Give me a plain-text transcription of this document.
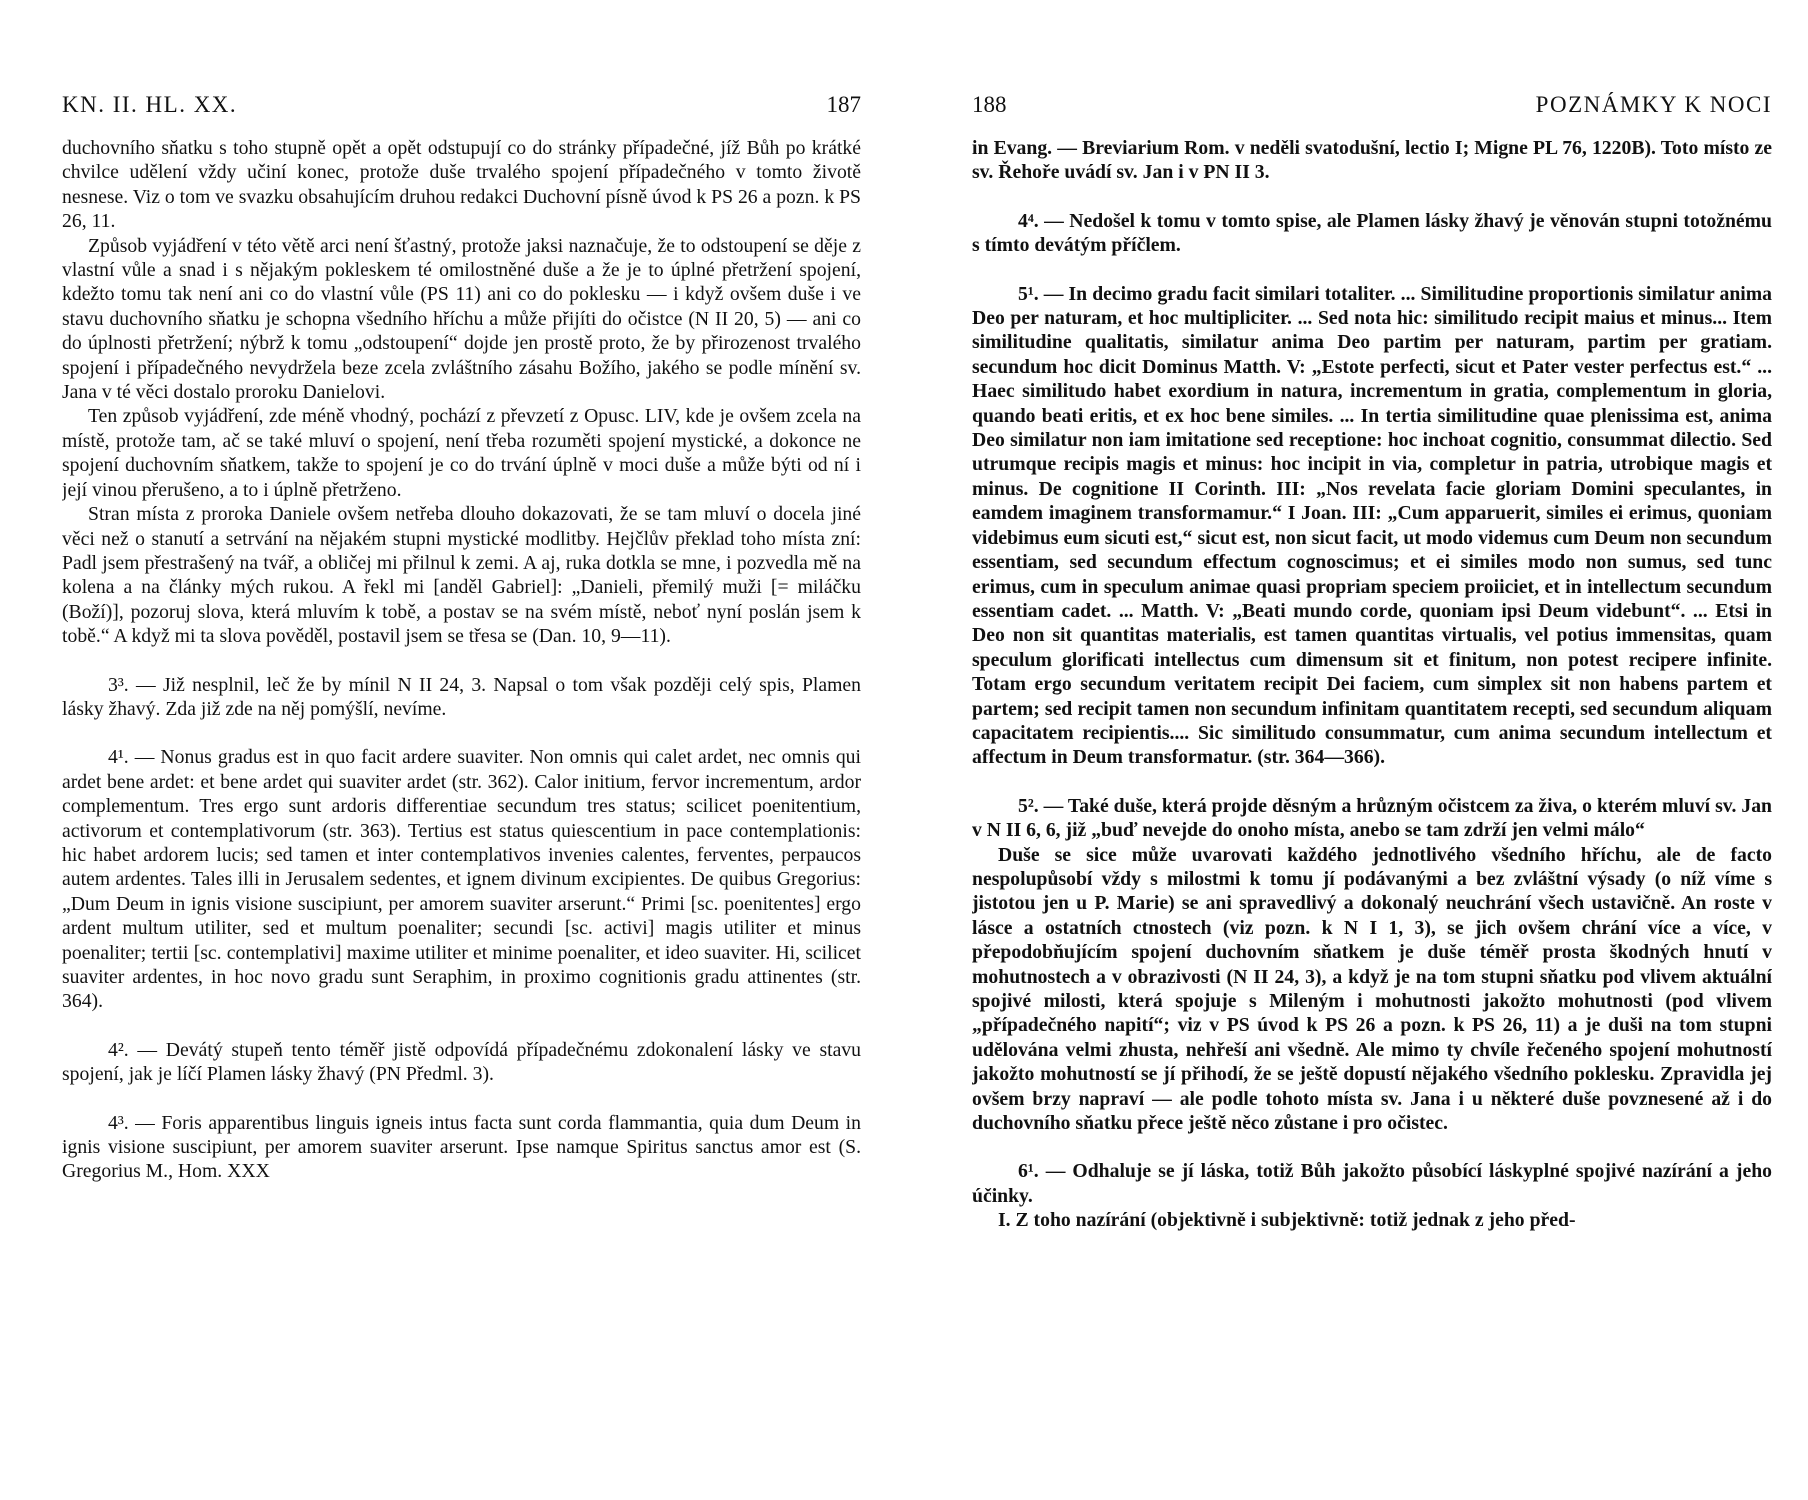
KN. II. HL. XX.	187

duchovního sňatku s toho stupně opět a opět odstupují co do stránky případečné, jíž Bůh po krátké chvilce udělení vždy učiní konec, protože duše trvalého spojení případečného v tomto životě nesnese. Viz o tom ve svazku obsahujícím druhou redakci Duchovní písně úvod k PS 26 a pozn. k PS 26, 11.

Způsob vyjádření v této větě arci není šťastný, protože jaksi naznačuje, že to odstoupení se děje z vlastní vůle a snad i s nějakým pokleskem té omilostněné duše a že je to úplné přetržení spojení, kdežto tomu tak není ani co do vlastní vůle (PS 11) ani co do poklesku — i když ovšem duše i ve stavu duchovního sňatku je schopna všedního hříchu a může přijíti do očistce (N II 20, 5) — ani co do úplnosti přetržení; nýbrž k tomu „odstoupení“ dojde jen prostě proto, že by přirozenost trvalého spojení i případečného nevydržela beze zcela zvláštního zásahu Božího, jakého se podle mínění sv. Jana v té věci dostalo proroku Danielovi.

Ten způsob vyjádření, zde méně vhodný, pochází z převzetí z Opusc. LIV, kde je ovšem zcela na místě, protože tam, ač se také mluví o spojení, není třeba rozuměti spojení mystické, a dokonce ne spojení duchovním sňatkem, takže to spojení je co do trvání úplně v moci duše a může býti od ní i její vinou přerušeno, a to i úplně přetrženo.

Stran místa z proroka Daniele ovšem netřeba dlouho dokazovati, že se tam mluví o docela jiné věci než o stanutí a setrvání na nějakém stupni mystické modlitby. Hejčlův překlad toho místa zní: Padl jsem přestrašený na tvář, a obličej mi přilnul k zemi. A aj, ruka dotkla se mne, i pozvedla mě na kolena a na články mých rukou. A řekl mi [anděl Gabriel]: „Danieli, přemilý muži [= miláčku (Boží)], pozoruj slova, která mluvím k tobě, a postav se na svém místě, neboť nyní poslán jsem k tobě.“ A když mi ta slova pověděl, postavil jsem se třesa se (Dan. 10, 9—11).

3³. — Již nesplnil, leč že by mínil N II 24, 3. Napsal o tom však později celý spis, Plamen lásky žhavý. Zda již zde na něj pomýšlí, nevíme.

4¹. — Nonus gradus est in quo facit ardere suaviter. Non omnis qui calet ardet, nec omnis qui ardet bene ardet: et bene ardet qui suaviter ardet (str. 362). Calor initium, fervor incrementum, ardor complementum. Tres ergo sunt ardoris differentiae secundum tres status; scilicet poenitentium, activorum et contemplativorum (str. 363). Tertius est status quiescentium in pace contemplationis: hic habet ardorem lucis; sed tamen et inter contemplativos invenies calentes, ferventes, perpaucos autem ardentes. Tales illi in Jerusalem sedentes, et ignem divinum excipientes. De quibus Gregorius: „Dum Deum in ignis visione suscipiunt, per amorem suaviter arserunt.“ Primi [sc. poenitentes] ergo ardent multum utiliter, sed et multum poenaliter; secundi [sc. activi] magis utiliter et minus poenaliter; tertii [sc. contemplativi] maxime utiliter et minime poenaliter, et ideo suaviter. Hi, scilicet suaviter ardentes, in hoc novo gradu sunt Seraphim, in proximo cognitionis gradu attinentes (str. 364).

4². — Devátý stupeň tento téměř jistě odpovídá případečnému zdokonalení lásky ve stavu spojení, jak je líčí Plamen lásky žhavý (PN Předml. 3).

4³. — Foris apparentibus linguis igneis intus facta sunt corda flammantia, quia dum Deum in ignis visione suscipiunt, per amorem suaviter arserunt. Ipse namque Spiritus sanctus amor est (S. Gregorius M., Hom. XXX

188	POZNÁMKY K NOCI

in Evang. — Breviarium Rom. v neděli svatodušní, lectio I; Migne PL 76, 1220B). Toto místo ze sv. Řehoře uvádí sv. Jan i v PN II 3.

4⁴. — Nedošel k tomu v tomto spise, ale Plamen lásky žhavý je věnován stupni totožnému s tímto devátým příčlem.

5¹. — In decimo gradu facit similari totaliter. ... Similitudine proportionis similatur anima Deo per naturam, et hoc multipliciter. ... Sed nota hic: similitudo recipit maius et minus... Item similitudine qualitatis, similatur anima Deo partim per naturam, partim per gratiam. secundum hoc dicit Dominus Matth. V: „Estote perfecti, sicut et Pater vester perfectus est.“ ... Haec similitudo habet exordium in natura, incrementum in gratia, complementum in gloria, quando beati eritis, et ex hoc bene similes. ... In tertia similitudine quae plenissima est, anima Deo similatur non iam imitatione sed receptione: hoc inchoat cognitio, consummat dilectio. Sed utrumque recipis magis et minus: hoc incipit in via, completur in patria, utrobique magis et minus. De cognitione II Corinth. III: „Nos revelata facie gloriam Domini speculantes, in eamdem imaginem transformamur.“ I Joan. III: „Cum apparuerit, similes ei erimus, quoniam videbimus eum sicuti est,“ sicut est, non sicut facit, ut modo videmus cum Deum non secundum essentiam, sed secundum effectum cognoscimus; et ei similes modo non sumus, sed tunc erimus, cum in speculum animae quasi propriam speciem proiiciet, et in intellectum secundum essentiam cadet. ... Matth. V: „Beati mundo corde, quoniam ipsi Deum videbunt“. ... Etsi in Deo non sit quantitas materialis, est tamen quantitas virtualis, vel potius immensitas, quam speculum glorificati intellectus cum dimensum sit et finitum, non potest recipere infinite. Totam ergo secundum veritatem recipit Dei faciem, cum simplex sit non habens partem et partem; sed recipit tamen non secundum infinitam quantitatem recepti, sed secundum aliquam capacitatem recipientis.... Sic similitudo consummatur, cum anima secundum intellectum et affectum in Deum transformatur. (str. 364—366).

5². — Také duše, která projde děsným a hrůzným očistcem za živa, o kterém mluví sv. Jan v N II 6, 6, již „buď nevejde do onoho místa, anebo se tam zdrží jen velmi málo“

Duše se sice může uvarovati každého jednotlivého všedního hříchu, ale de facto nespolupůsobí vždy s milostmi k tomu jí podávanými a bez zvláštní výsady (o níž víme s jistotou jen u P. Marie) se ani spravedlivý a dokonalý neuchrání všech ustavičně. An roste v lásce a ostatních ctnostech (viz pozn. k N I 1, 3), se jich ovšem chrání více a více, v přepodobňujícím spojení duchovním sňatkem je duše téměř prosta škodných hnutí v mohutnostech a v obrazivosti (N II 24, 3), a když je na tom stupni sňatku pod vlivem aktuální spojivé milosti, která spojuje s Mileným i mohutnosti jakožto mohutnosti (pod vlivem „případečného napití“; viz v PS úvod k PS 26 a pozn. k PS 26, 11) a je duši na tom stupni udělována velmi zhusta, nehřeší ani všedně. Ale mimo ty chvíle řečeného spojení mohutností jakožto mohutností se jí přihodí, že se ještě dopustí nějakého všedního poklesku. Zpravidla jej ovšem brzy napraví — ale podle tohoto místa sv. Jana i u některé duše povznesené až i do duchovního sňatku přece ještě něco zůstane i pro očistec.

6¹. — Odhaluje se jí láska, totiž Bůh jakožto působící láskyplné spojivé nazírání a jeho účinky.

I. Z toho nazírání (objektivně i subjektivně: totiž jednak z jeho před-
